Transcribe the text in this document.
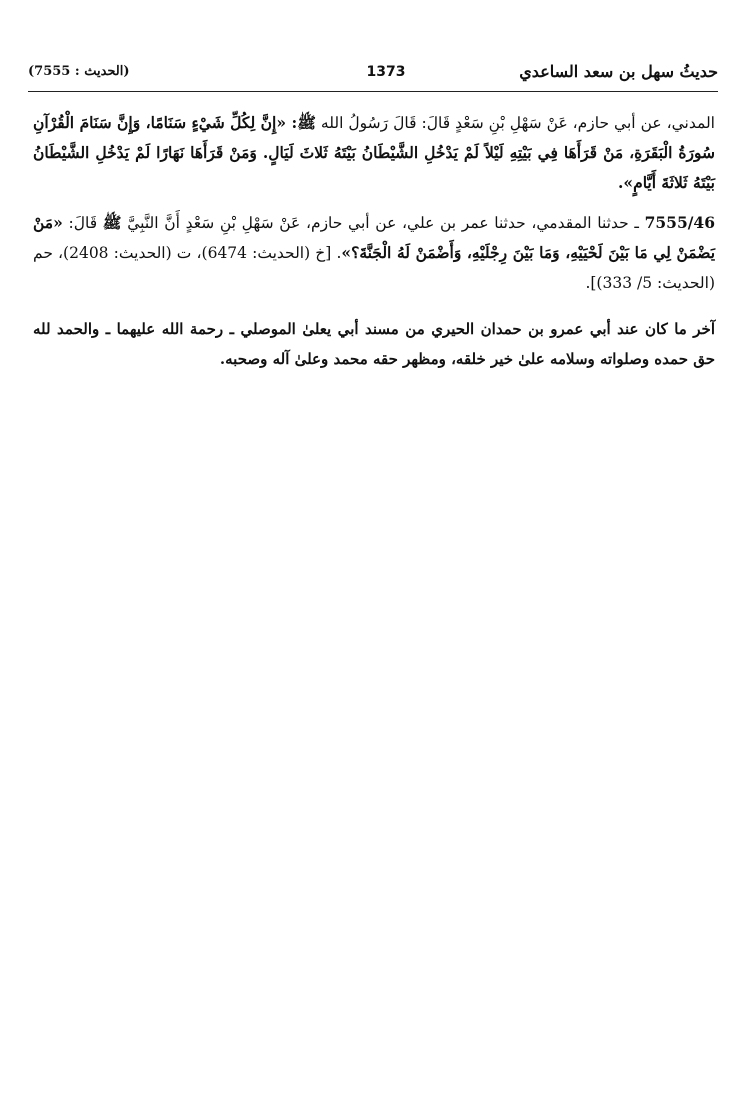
(الحديث : 7555)	1373	حديثُ سهل بن سعد الساعدي

المدني، عن أبي حازم، عَنْ سَهْلِ بْنِ سَعْدٍ قَالَ: قَالَ رَسُولُ الله ﷺ: «إِنَّ لِكُلِّ شَيْءٍ سَنَامًا، وَإِنَّ سَنَامَ الْقُرْآنِ سُورَةُ الْبَقَرَةِ، مَنْ قَرَأَهَا فِي بَيْتِهِ لَيْلاً لَمْ يَدْخُلِ الشَّيْطَانُ بَيْتَهُ ثَلاثَ لَيَالٍ. وَمَنْ قَرَأَهَا نَهَارًا لَمْ يَدْخُلِ الشَّيْطَانُ بَيْتَهُ ثَلاثَةَ أَيَّامٍ».

7555/46 ـ حدثنا المقدمي، حدثنا عمر بن علي، عن أبي حازم، عَنْ سَهْلِ بْنِ سَعْدٍ أَنَّ النَّبِيَّ ﷺ قَالَ: «مَنْ يَضْمَنْ لِي مَا بَيْنَ لَحْيَيْهِ، وَمَا بَيْنَ رِجْلَيْهِ، وَأَضْمَنْ لَهُ الْجَنَّةَ؟». [خ (الحديث: 6474)، ت (الحديث: 2408)، حم (الحديث: 5/ 333)].

آخر ما كان عند أبي عمرو بن حمدان الحيري من مسند أبي يعلىٰ الموصلي ـ رحمة الله عليهما ـ والحمد لله حق حمده وصلواته وسلامه علىٰ خير خلقه، ومظهر حقه محمد وعلىٰ آله وصحبه.
